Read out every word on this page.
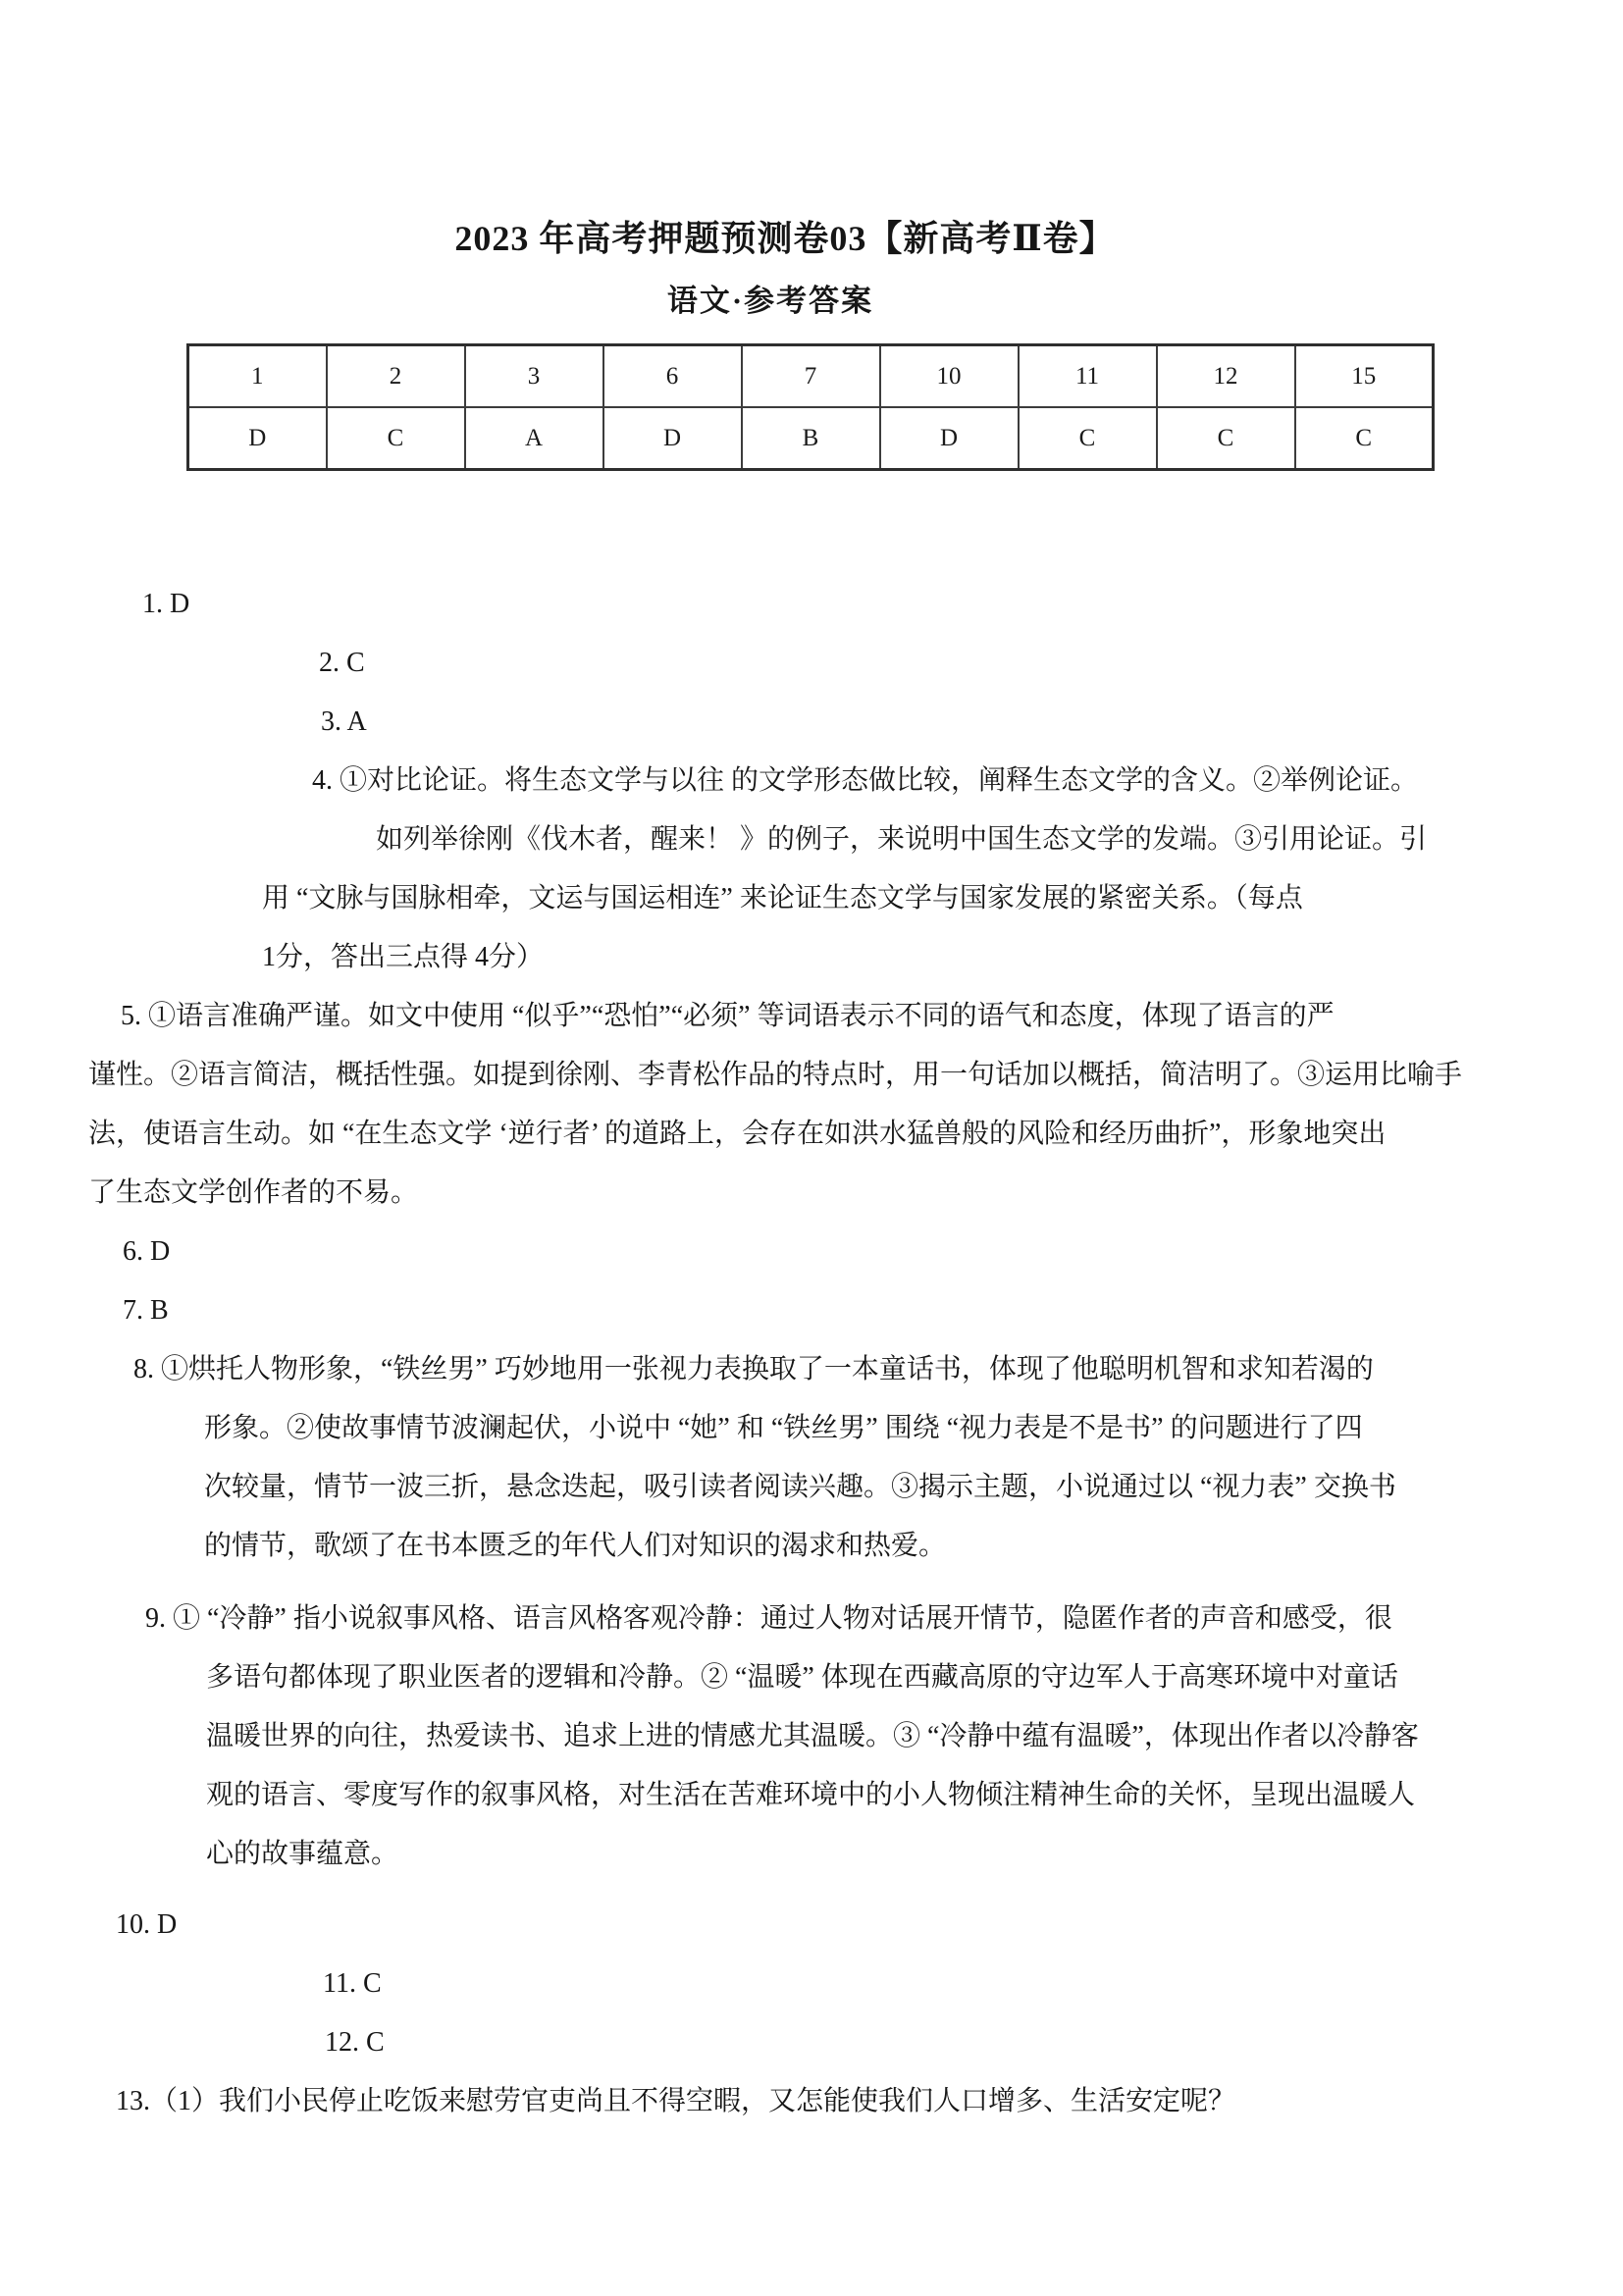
2023 年高考押题预测卷03【新高考Ⅱ卷】
语文·参考答案
1	2	3	6	7	10	11	12	15
D	C	A	D	B	D	C	C	C
1. D
2. C
3. A
4. ①对比论证。将生态文学与以往 的文学形态做比较，阐释生态文学的含义。②举例论证。
如列举徐刚《伐木者，醒来！ 》的例子，来说明中国生态文学的发端。③引用论证。引
用 “文脉与国脉相牵，文运与国运相连” 来论证生态文学与国家发展的紧密关系。（每点
1分，答出三点得 4分）
5. ①语言准确严谨。如文中使用 “似乎”“恐怕”“必须” 等词语表示不同的语气和态度，体现了语言的严
谨性。②语言简洁，概括性强。如提到徐刚、李青松作品的特点时，用一句话加以概括，简洁明了。③运用比喻手
法，使语言生动。如 “在生态文学 ‘逆行者’ 的道路上，会存在如洪水猛兽般的风险和经历曲折”，形象地突出
了生态文学创作者的不易。
6. D
7. B
8. ①烘托人物形象，“铁丝男” 巧妙地用一张视力表换取了一本童话书，体现了他聪明机智和求知若渴的
形象。②使故事情节波澜起伏，小说中 “她” 和 “铁丝男” 围绕 “视力表是不是书” 的问题进行了四
次较量，情节一波三折，悬念迭起，吸引读者阅读兴趣。③揭示主题，小说通过以 “视力表” 交换书
的情节，歌颂了在书本匮乏的年代人们对知识的渴求和热爱。
9. ① “冷静” 指小说叙事风格、语言风格客观冷静：通过人物对话展开情节，隐匿作者的声音和感受，很
多语句都体现了职业医者的逻辑和冷静。② “温暖” 体现在西藏高原的守边军人于高寒环境中对童话
温暖世界的向往，热爱读书、追求上进的情感尤其温暖。③ “冷静中蕴有温暖”，体现出作者以冷静客
观的语言、零度写作的叙事风格，对生活在苦难环境中的小人物倾注精神生命的关怀，呈现出温暖人
心的故事蕴意。
10. D
11. C
12. C
13.（1）我们小民停止吃饭来慰劳官吏尚且不得空暇，又怎能使我们人口增多、生活安定呢？
